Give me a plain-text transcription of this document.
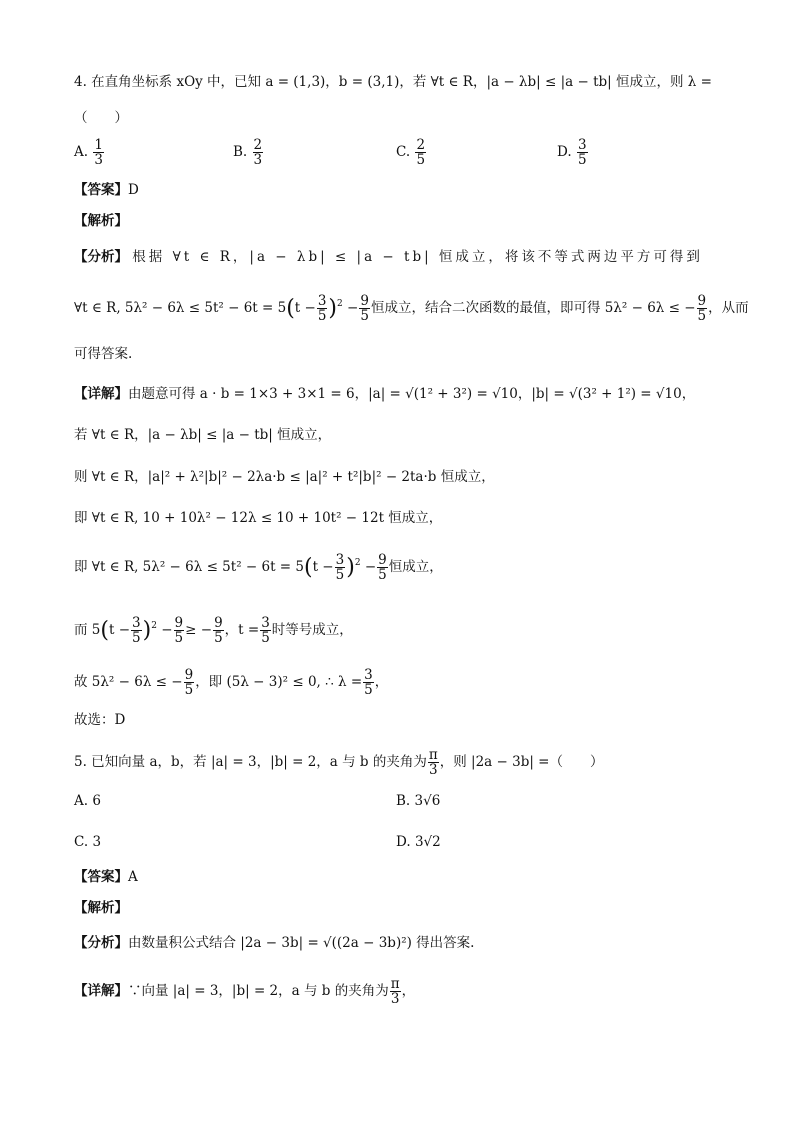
4. 在直角坐标系 xOy 中，已知 a = (1,3)，b = (3,1)，若 ∀t ∈ R，|a − λb| ≤ |a − tb| 恒成立，则 λ =
（　　）
A. $\frac{1}{3}$	B. $\frac{2}{3}$	C. $\frac{2}{5}$	D. $\frac{3}{5}$
【答案】D
【解析】
【分析】 根据 ∀t ∈ R，|a − λb| ≤ |a − tb| 恒成立，将该不等式两边平方可得到
∀t ∈ R, $5\lambda^2 - 6\lambda \le 5t^2 - 6t = 5(t - \frac{3}{5} )^2 - \frac{9}{5}$ 恒成立，结合二次函数的最值，即可得 5λ² − 6λ ≤ − $\frac{9}{5}$ ，从而
可得答案.
【详解】由题意可得 a · b = 1×3 + 3×1 = 6，|a| = √(1² + 3²) = √10，|b| = √(3² + 1²) = √10，
若 ∀t ∈ R，|a − λb| ≤ |a − tb| 恒成立，
则 ∀t ∈ R，|a|² + λ²|b|² − 2λa·b ≤ |a|² + t²|b|² − 2ta·b 恒成立，
即 ∀t ∈ R, 10 + 10λ² − 12λ ≤ 10 + 10t² − 12t 恒成立，
即 ∀t ∈ R, $5\lambda^2 - 6\lambda \le 5t^2 - 6t = 5(t - \frac{3}{5} )^2 - \frac{9}{5}$ 恒成立，
而 $5(t - \frac{3}{5} )^2 - \frac{9}{5}$ ≥ − $\frac{9}{5}$ ，$t = \frac{3}{5}$ 时等号成立，
故 5λ² − 6λ ≤ − $\frac{9}{5}$ ，即 (5λ − 3)² ≤ 0, ∴ $\lambda = \frac{3}{5}$ ，
故选：D
5. 已知向量 a，b，若 |a| = 3，|b| = 2，a 与 b 的夹角为 $\frac{\pi}{3}$ ，则 |2a − 3b| =（　　）
A. 6	B. 3√6
C. 3	D. 3√2
【答案】A
【解析】
【分析】由数量积公式结合 |2a − 3b| = √((2a − 3b)²) 得出答案.
【详解】∵向量 |a| = 3，|b| = 2，a 与 b 的夹角为 $\frac{\pi}{3}$ ，
